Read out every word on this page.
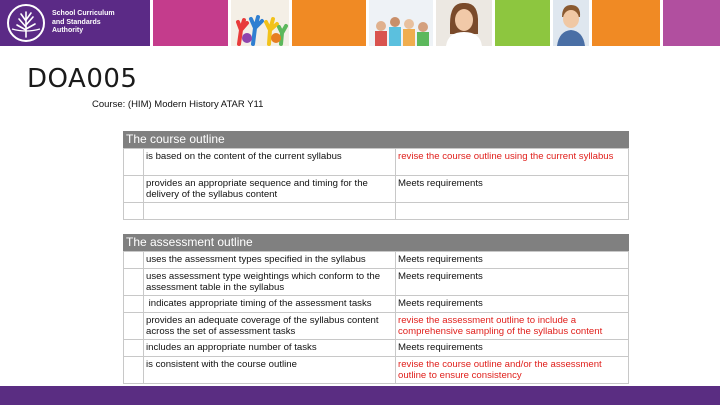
School Curriculum
and Standards
Authority
DOA005
Course: (HIM) Modern History ATAR Y11
The course outline
	is based on the content of the current syllabus	revise the course outline using the current syllabus
	provides an appropriate sequence and timing for the delivery of the syllabus content	Meets requirements

The assessment outline
	uses the assessment types specified in the syllabus	Meets requirements
	uses assessment type weightings which conform to the assessment table in the syllabus	Meets requirements
	indicates appropriate timing of the assessment tasks	Meets requirements
	provides an adequate coverage of the syllabus content across the set of assessment tasks	revise the assessment outline to include a comprehensive sampling of the syllabus content
	includes an appropriate number of tasks	Meets requirements
	is consistent with the course outline	revise the course outline and/or the assessment outline to ensure consistency
